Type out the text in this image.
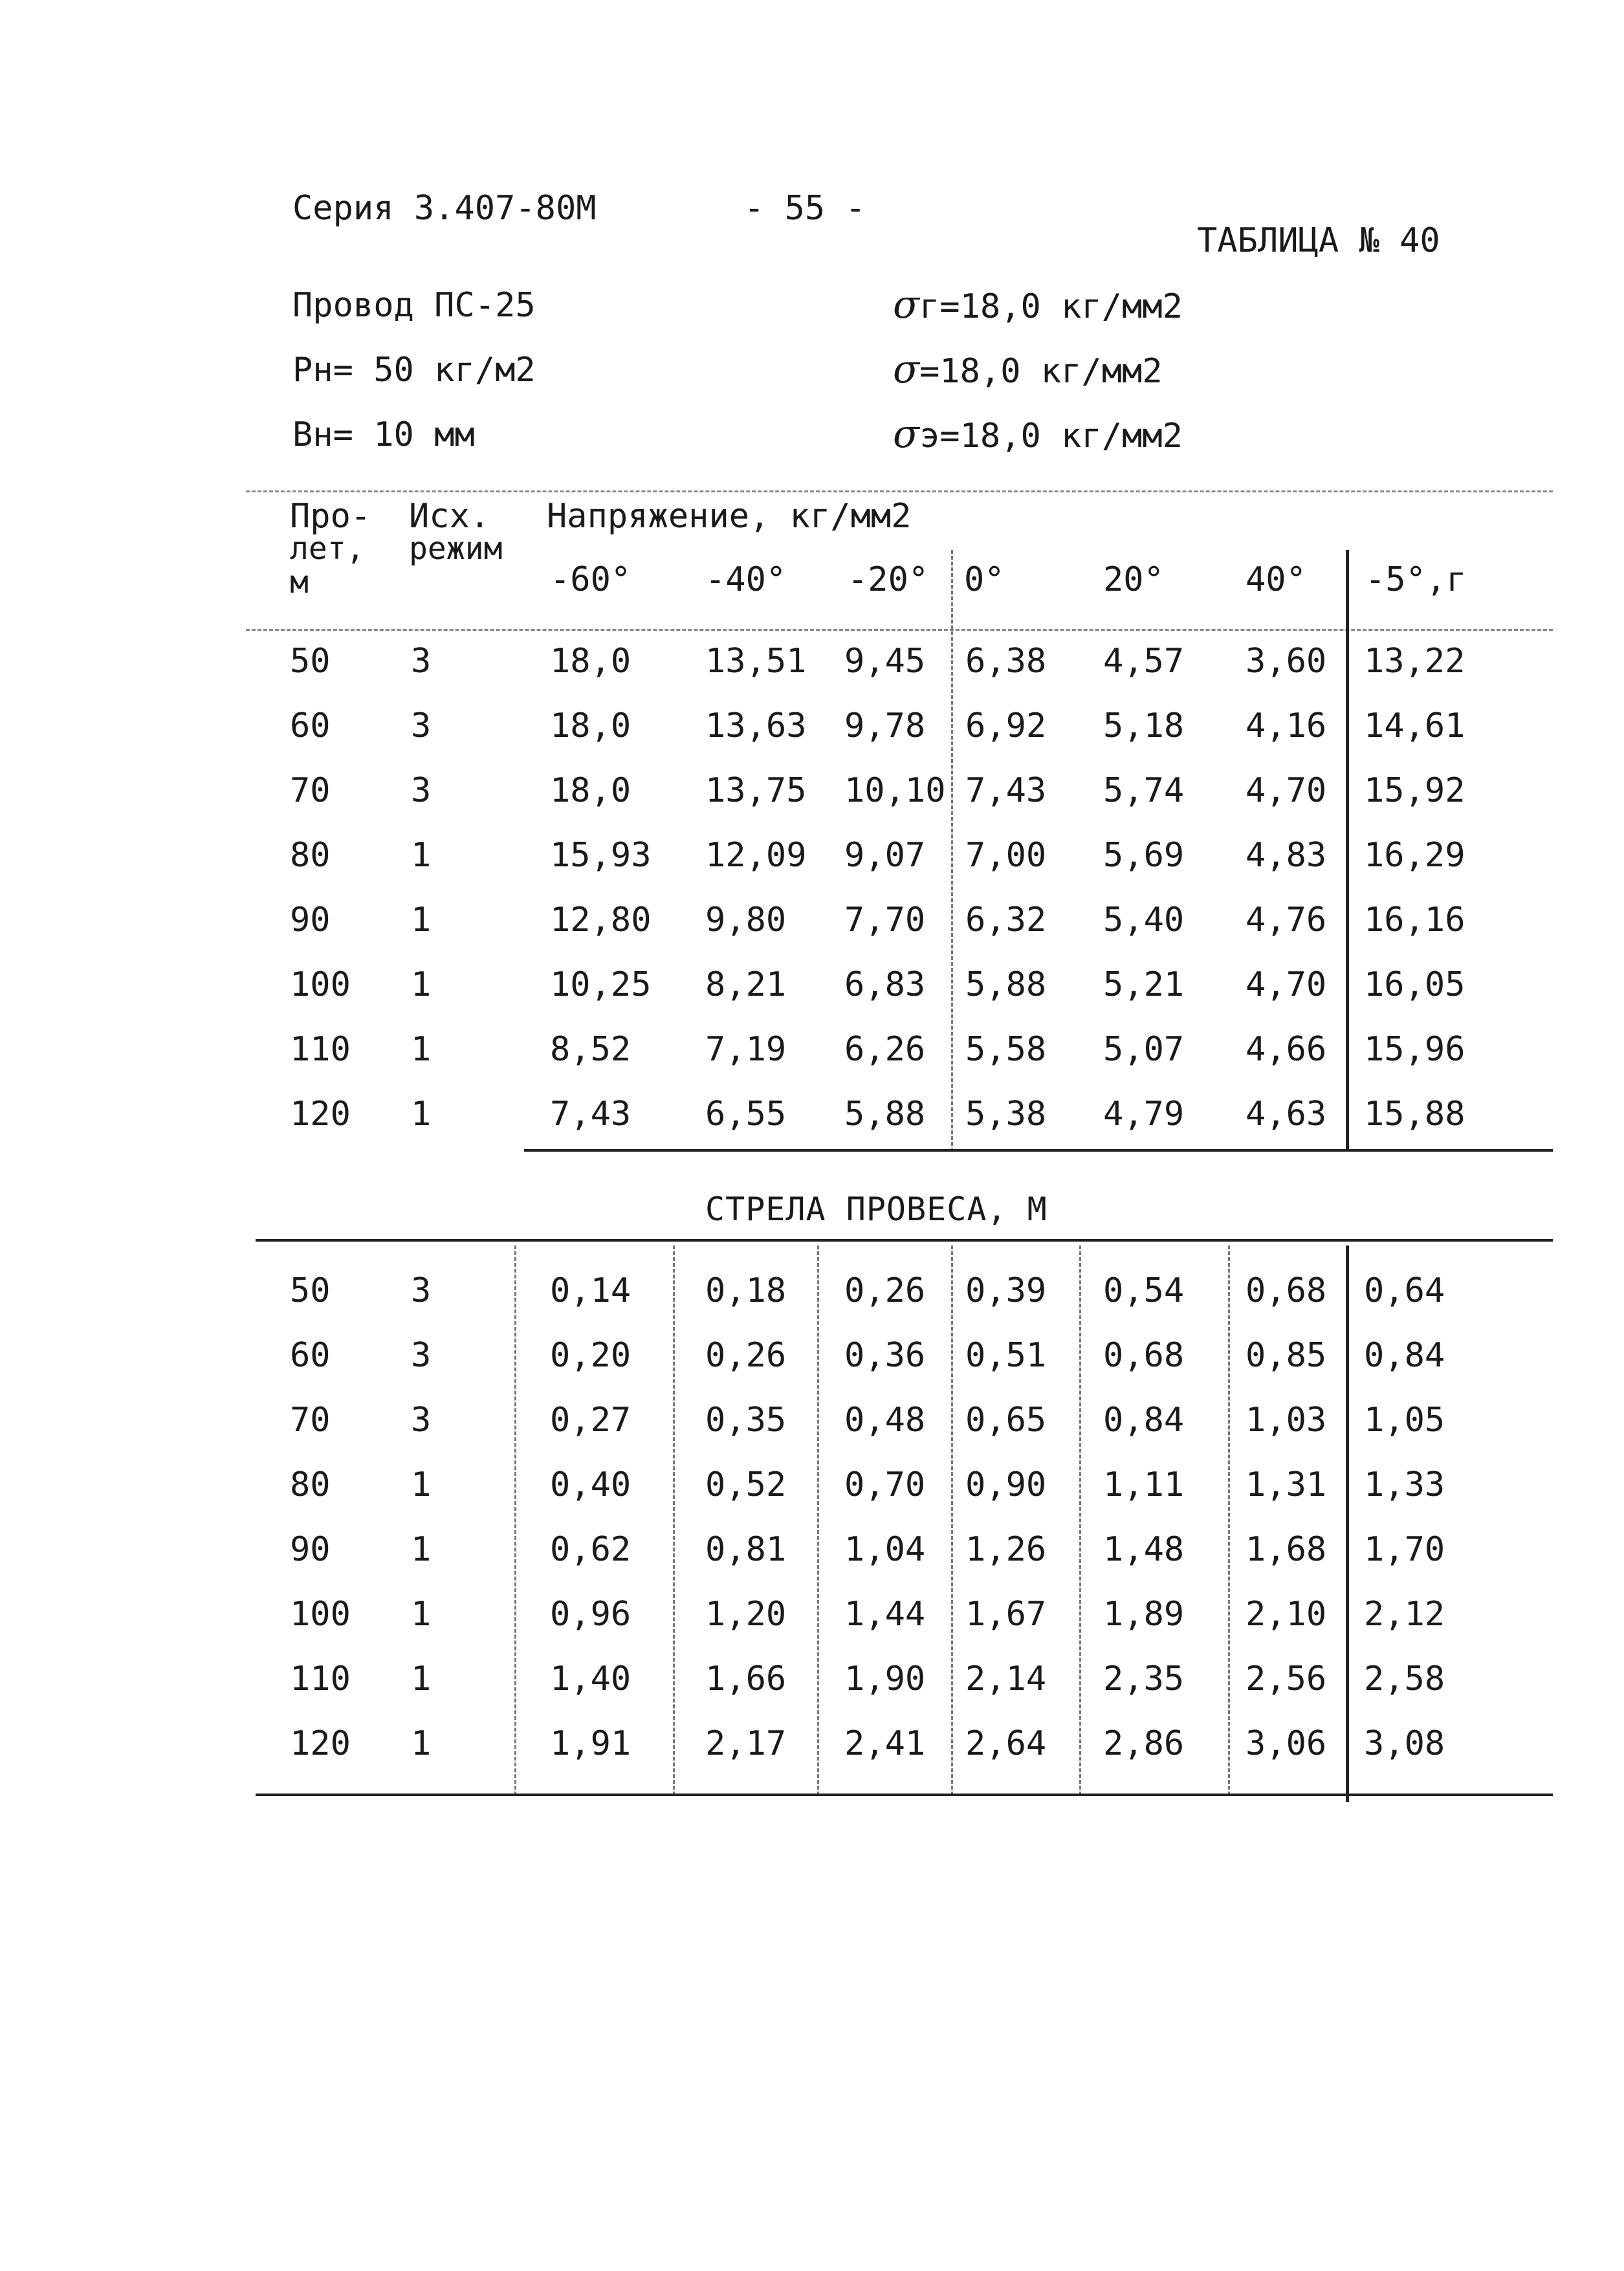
Серия 3.407-80М	- 55 -
ТАБЛИЦА № 40
Провод ПС-25
Рн= 50 кг/м2
Вн= 10 мм
σг=18,0 кг/мм2
σ=18,0 кг/мм2
σэ=18,0 кг/мм2
Про-
лет,
м
Исх.
режим
Напряжение, кг/мм2
-60° -40° -20° 0°	20° 40° -5°,г
50 3	18,0 13,51 9,45 6,38 4,57 3,60 13,22
60 3	18,0 13,63 9,78 6,92 5,18 4,16 14,61
70 3	18,0 13,75 10,10 7,43 5,74 4,70 15,92
80 1	15,93 12,09 9,07 7,00 5,69 4,83 16,29
90 1	12,80 9,80 7,70 6,32 5,40 4,76 16,16
100 1	10,25 8,21 6,83 5,88 5,21 4,70 16,05
110 1	8,52 7,19 6,26 5,58 5,07 4,66 15,96
120 1	7,43 6,55 5,88 5,38 4,79 4,63 15,88
СТРЕЛА ПРОВЕСА, М
50 3	0,14 0,18 0,26 0,39 0,54 0,68 0,64
60 3	0,20 0,26 0,36 0,51 0,68 0,85 0,84
70 3	0,27 0,35 0,48 0,65 0,84 1,03 1,05
80 1	0,40 0,52 0,70 0,90 1,11 1,31 1,33
90 1	0,62 0,81 1,04 1,26 1,48 1,68 1,70
100 1	0,96 1,20 1,44 1,67 1,89 2,10 2,12
110 1	1,40 1,66 1,90 2,14 2,35 2,56 2,58
120 1	1,91 2,17 2,41 2,64 2,86 3,06 3,08
